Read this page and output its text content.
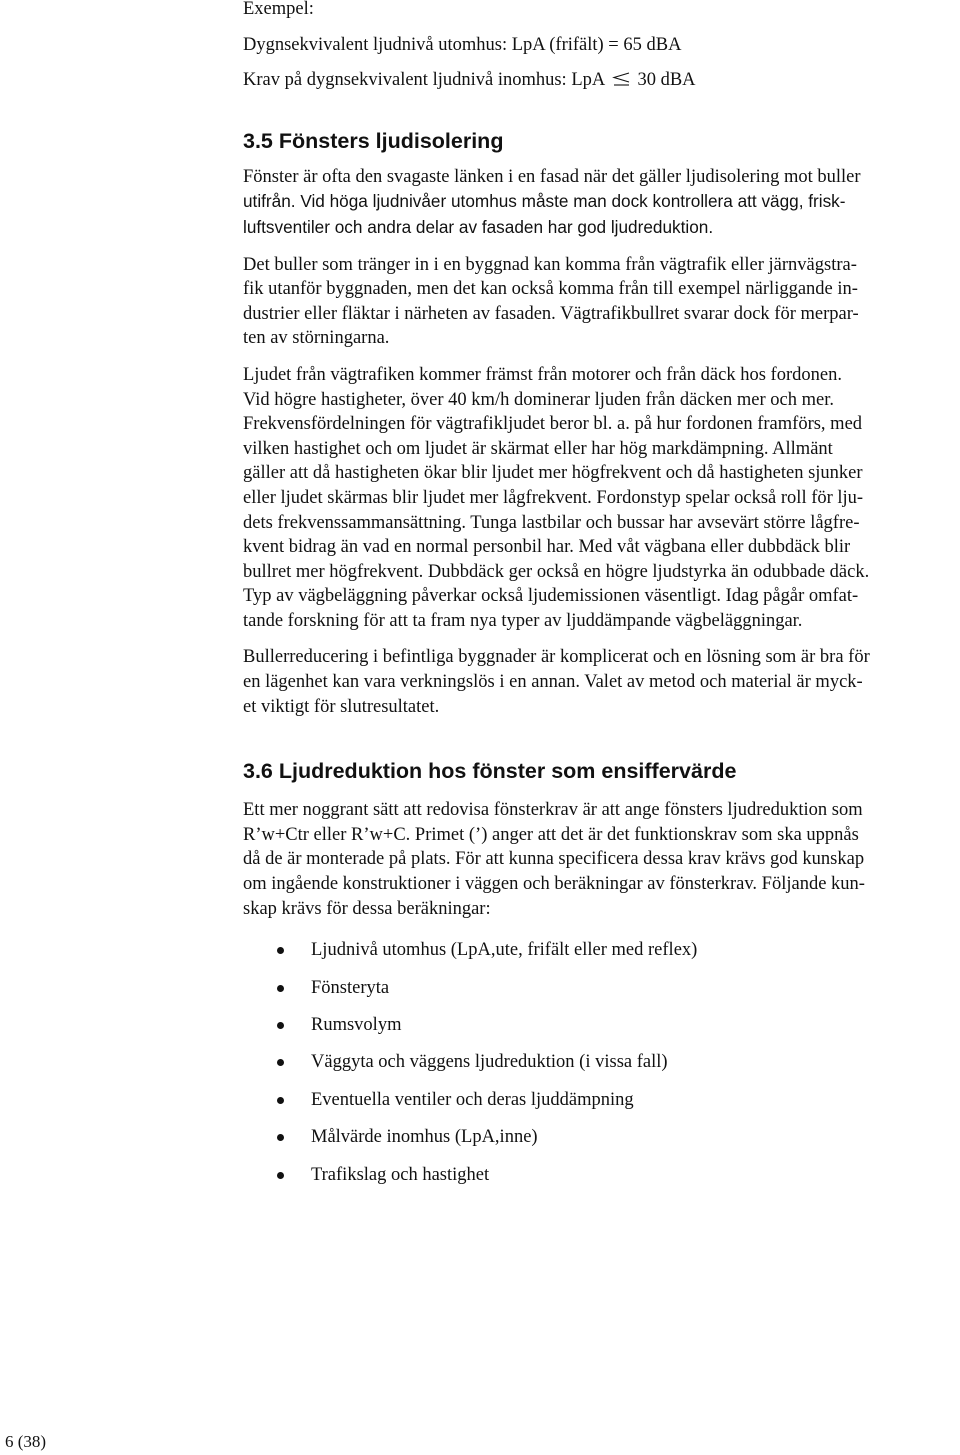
Exempel:

Dygnsekvivalent ljudnivå utomhus: LpA (frifält) = 65 dBA

Krav på dygnsekvivalent ljudnivå inomhus: LpA 30 dBA

3.5 Fönsters ljudisolering

Fönster är ofta den svagaste länken i en fasad när det gäller ljudisolering mot buller
utifrån. Vid höga ljudnivåer utomhus måste man dock kontrollera att vägg, frisk-
luftsventiler och andra delar av fasaden har god ljudreduktion.

Det buller som tränger in i en byggnad kan komma från vägtrafik eller järnvägstra-
fik utanför byggnaden, men det kan också komma från till exempel närliggande in-
dustrier eller fläktar i närheten av fasaden. Vägtrafikbullret svarar dock för merpar-
ten av störningarna.

Ljudet från vägtrafiken kommer främst från motorer och från däck hos fordonen.
Vid högre hastigheter, över 40 km/h dominerar ljuden från däcken mer och mer.
Frekvensfördelningen för vägtrafikljudet beror bl. a. på hur fordonen framförs, med
vilken hastighet och om ljudet är skärmat eller har hög markdämpning. Allmänt
gäller att då hastigheten ökar blir ljudet mer högfrekvent och då hastigheten sjunker
eller ljudet skärmas blir ljudet mer lågfrekvent. Fordonstyp spelar också roll för lju-
dets frekvenssammansättning. Tunga lastbilar och bussar har avsevärt större lågfre-
kvent bidrag än vad en normal personbil har. Med våt vägbana eller dubbdäck blir
bullret mer högfrekvent. Dubbdäck ger också en högre ljudstyrka än odubbade däck.
Typ av vägbeläggning påverkar också ljudemissionen väsentligt. Idag pågår omfat-
tande forskning för att ta fram nya typer av ljuddämpande vägbeläggningar.

Bullerreducering i befintliga byggnader är komplicerat och en lösning som är bra för
en lägenhet kan vara verkningslös i en annan. Valet av metod och material är myck-
et viktigt för slutresultatet.

3.6 Ljudreduktion hos fönster som ensiffervärde

Ett mer noggrant sätt att redovisa fönsterkrav är att ange fönsters ljudreduktion som
R’w+Ctr eller R’w+C. Primet (’) anger att det är det funktionskrav som ska uppnås
då de är monterade på plats. För att kunna specificera dessa krav krävs god kunskap
om ingående konstruktioner i väggen och beräkningar av fönsterkrav. Följande kun-
skap krävs för dessa beräkningar:

Ljudnivå utomhus (LpA,ute, frifält eller med reflex)
Fönsteryta
Rumsvolym
Väggyta och väggens ljudreduktion (i vissa fall)
Eventuella ventiler och deras ljuddämpning
Målvärde inomhus (LpA,inne)
Trafikslag och hastighet
6 (38)
